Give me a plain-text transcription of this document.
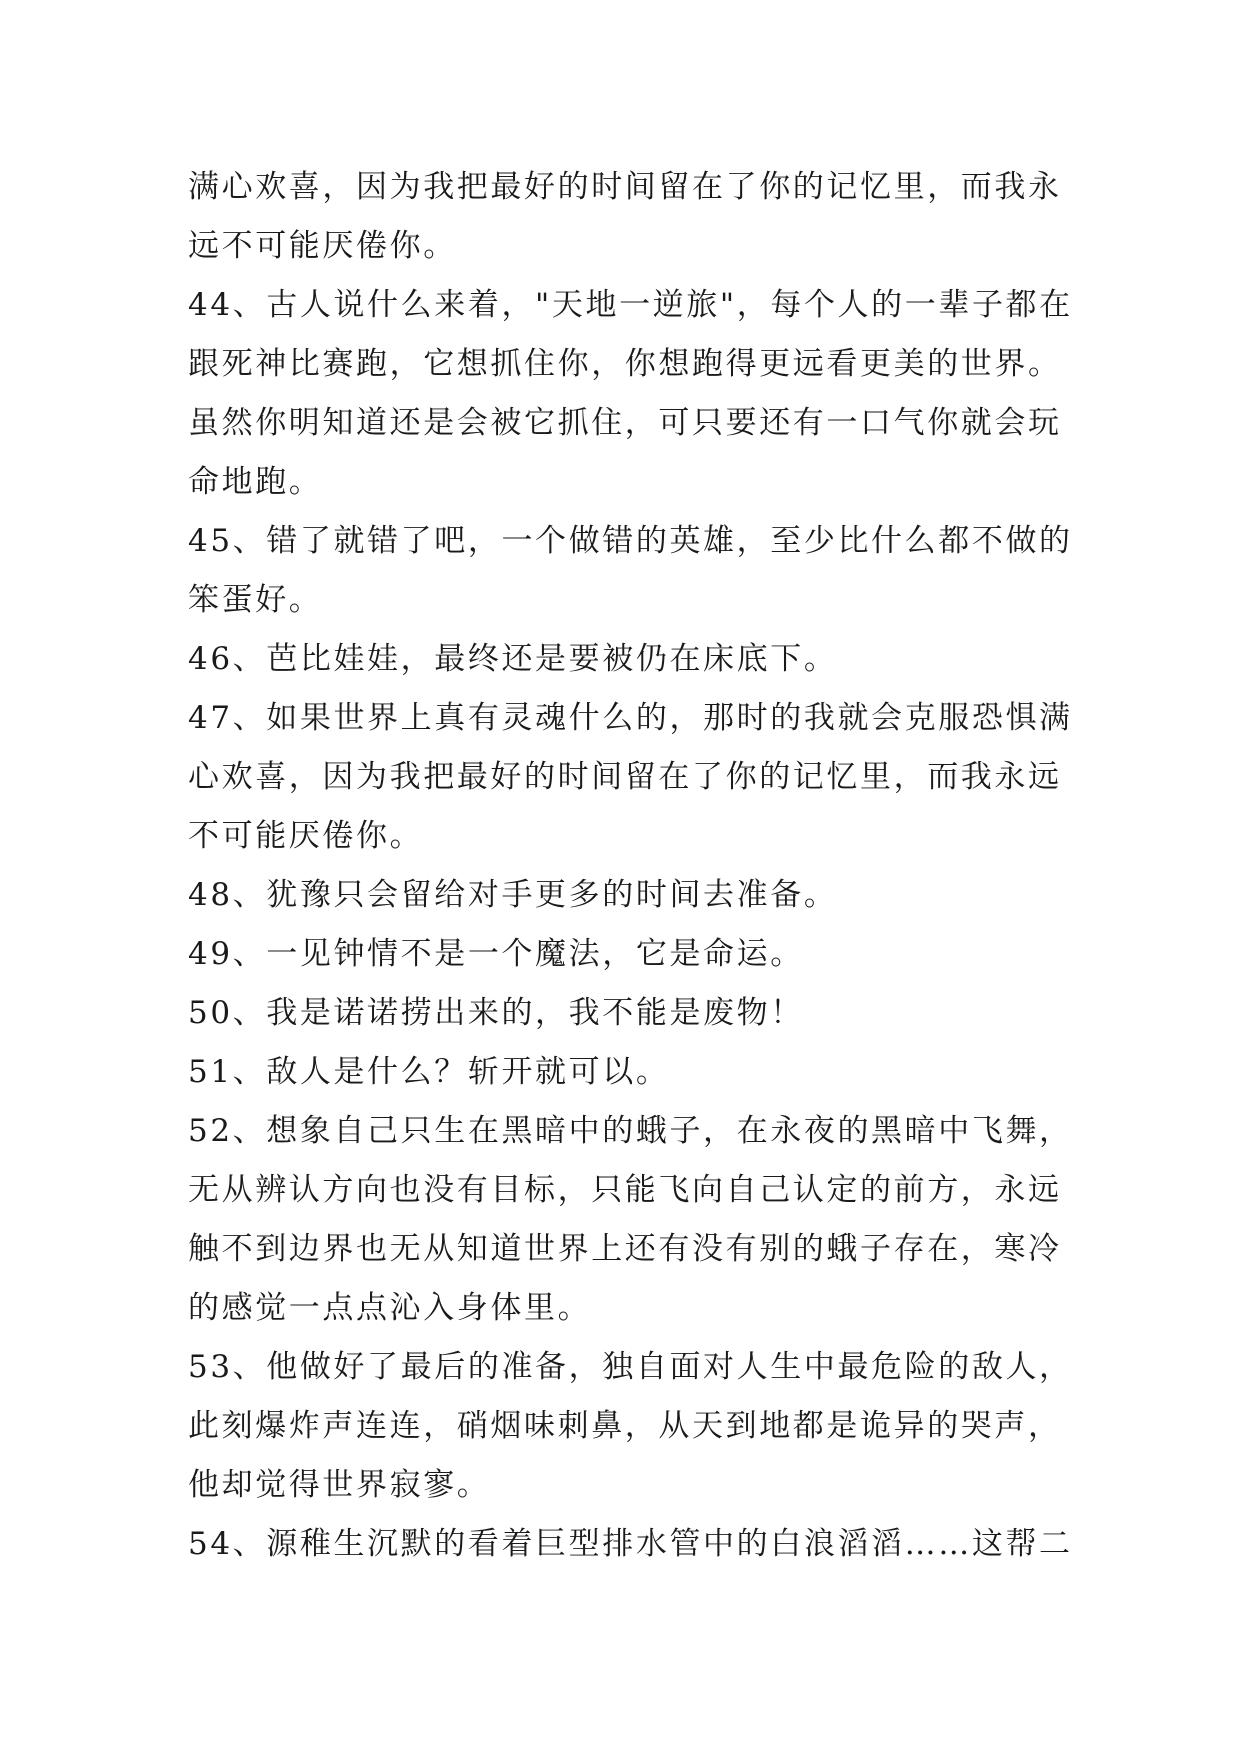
满心欢喜，因为我把最好的时间留在了你的记忆里，而我永
远不可能厌倦你。
44、古人说什么来着，"天地一逆旅"，每个人的一辈子都在
跟死神比赛跑，它想抓住你，你想跑得更远看更美的世界。
虽然你明知道还是会被它抓住，可只要还有一口气你就会玩
命地跑。
45、错了就错了吧，一个做错的英雄，至少比什么都不做的
笨蛋好。
46、芭比娃娃，最终还是要被仍在床底下。
47、如果世界上真有灵魂什么的，那时的我就会克服恐惧满
心欢喜，因为我把最好的时间留在了你的记忆里，而我永远
不可能厌倦你。
48、犹豫只会留给对手更多的时间去准备。
49、一见钟情不是一个魔法，它是命运。
50、我是诺诺捞出来的，我不能是废物！
51、敌人是什么？斩开就可以。
52、想象自己只生在黑暗中的蛾子，在永夜的黑暗中飞舞，
无从辨认方向也没有目标，只能飞向自己认定的前方，永远
触不到边界也无从知道世界上还有没有别的蛾子存在，寒冷
的感觉一点点沁入身体里。
53、他做好了最后的准备，独自面对人生中最危险的敌人，
此刻爆炸声连连，硝烟味刺鼻，从天到地都是诡异的哭声，
他却觉得世界寂寥。
54、源稚生沉默的看着巨型排水管中的白浪滔滔……这帮二
